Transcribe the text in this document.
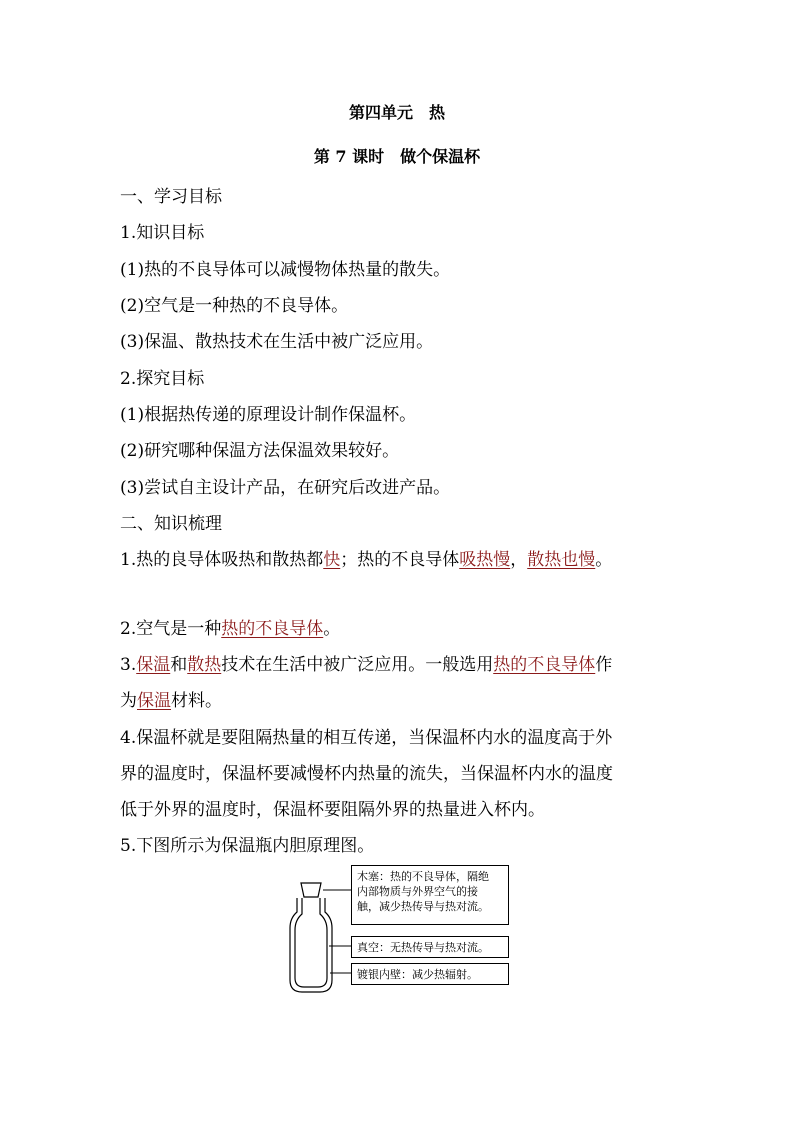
第四单元　热
第 7 课时　做个保温杯
一、学习目标
1.知识目标
(1)热的不良导体可以减慢物体热量的散失。
(2)空气是一种热的不良导体。
(3)保温、散热技术在生活中被广泛应用。
2.探究目标
(1)根据热传递的原理设计制作保温杯。
(2)研究哪种保温方法保温效果较好。
(3)尝试自主设计产品，在研究后改进产品。
二、知识梳理
1.热的良导体吸热和散热都快；热的不良导体吸热慢，散热也慢。
2.空气是一种热的不良导体。
3.保温和散热技术在生活中被广泛应用。一般选用热的不良导体作
为保温材料。
4.保温杯就是要阻隔热量的相互传递，当保温杯内水的温度高于外
界的温度时，保温杯要减慢杯内热量的流失，当保温杯内水的温度
低于外界的温度时，保温杯要阻隔外界的热量进入杯内。
5.下图所示为保温瓶内胆原理图。
木塞：热的不良导体，隔绝
内部物质与外界空气的接
触，减少热传导与热对流。
真空：无热传导与热对流。
镀银内壁：减少热辐射。
